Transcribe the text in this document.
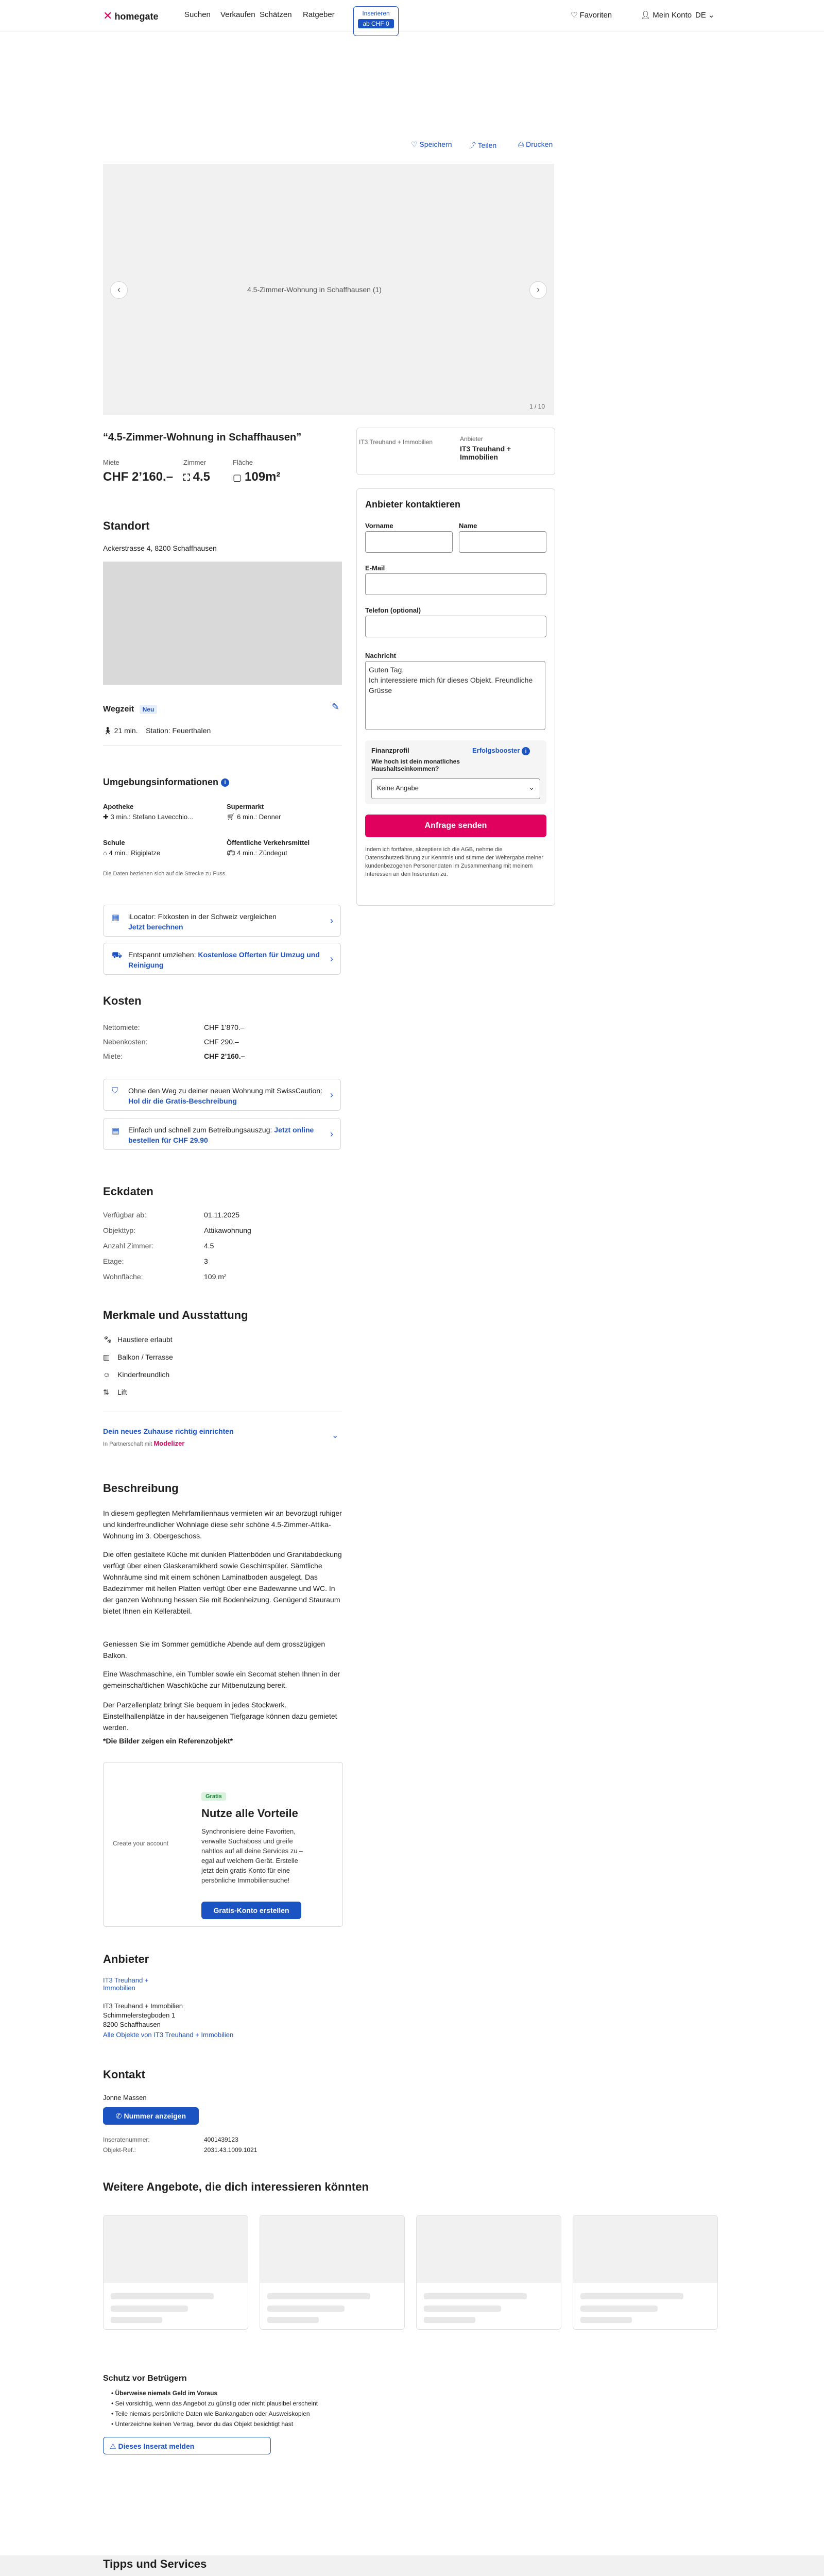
✕ homegate	Suchen Verkaufen Schätzen Ratgeber	Inserieren
ab CHF 0
♡ Favoriten	👤︎ Mein Konto DE ⌄
♡ Speichern ⤴ Teilen	⎙ Drucken
4.5-Zimmer-Wohnung in Schaffhausen (1)
‹	›
1 / 10
“4.5-Zimmer-Wohnung in Schaffhausen”
Miete
CHF 2’160.–
Zimmer
⛶ 4.5
Fläche
▢ 109m²
IT3 Treuhand + Immobilien	Anbieter
IT3 Treuhand + Immobilien
Anbieter kontaktieren
Vorname	Name
E-Mail
Telefon (optional)
Nachricht
Guten Tag,
Ich interessiere mich für dieses Objekt. Freundliche Grüsse
Finanzprofil	Erfolgsbooster i
Wie hoch ist dein monatliches Haushaltseinkommen?
Keine Angabe	⌄
Anfrage senden
Indem ich fortfahre, akzeptiere ich die AGB, nehme die Datenschutzerklärung zur Kenntnis und stimme der Weitergabe meiner kundenbezogenen Personendaten im Zusammenhang mit meinem Interessen an den Inserenten zu.
Standort
Ackerstrasse 4, 8200 Schaffhausen
Wegzeit Neu	✎
🚶︎ 21 min. Station: Feuerthalen
Umgebungsinformationen i
Apotheke
✚ 3 min.: Stefano Lavecchio...
Supermarkt
🛒︎ 6 min.: Denner
Schule
⌂ 4 min.: Rigiplatze
Öffentliche Verkehrsmittel
🚌︎ 4 min.: Zündegut
Die Daten beziehen sich auf die Strecke zu Fuss.
▦ iLocator: Fixkosten in der Schweiz vergleichen
Jetzt berechnen
›
⛟ Entspannt umziehen: Kostenlose Offerten für Umzug und Reinigung
›
Kosten
Nettomiete:	CHF 1’870.–
Nebenkosten:	CHF 290.–
Miete:	CHF 2’160.–
⛉ Ohne den Weg zu deiner neuen Wohnung mit SwissCaution: Hol dir die Gratis-Beschreibung
›
▤ Einfach und schnell zum Betreibungsauszug: Jetzt online bestellen für CHF 29.90
›
Eckdaten
Verfügbar ab:	01.11.2025
Objekttyp:	Attikawohnung
Anzahl Zimmer:	4.5
Etage:	3
Wohnfläche:	109 m²
Merkmale und Ausstattung
🐾︎ Haustiere erlaubt
▥ Balkon / Terrasse
☺ Kinderfreundlich
⇅ Lift
Dein neues Zuhause richtig einrichten
In Partnerschaft mit Modelizer
⌄
Beschreibung
In diesem gepflegten Mehrfamilienhaus vermieten wir an bevorzugt ruhiger und kinderfreundlicher Wohnlage diese sehr schöne 4.5-Zimmer-Attika-Wohnung im 3. Obergeschoss.
Die offen gestaltete Küche mit dunklen Plattenböden und Granitabdeckung verfügt über einen Glaskeramikherd sowie Geschirrspüler. Sämtliche Wohnräume sind mit einem schönen Laminatboden ausgelegt. Das Badezimmer mit hellen Platten verfügt über eine Badewanne und WC. In der ganzen Wohnung hessen Sie mit Bodenheizung. Genügend Stauraum bietet Ihnen ein Kellerabteil.
Geniessen Sie im Sommer gemütliche Abende auf dem grosszügigen Balkon.
Eine Waschmaschine, ein Tumbler sowie ein Secomat stehen Ihnen in der gemeinschaftlichen Waschküche zur Mitbenutzung bereit.
Der Parzellenplatz bringt Sie bequem in jedes Stockwerk. Einstellhallenplätze in der hauseigenen Tiefgarage können dazu gemietet werden.
*Die Bilder zeigen ein Referenzobjekt*
Create your account
Gratis
Nutze alle Vorteile
Synchronisiere deine Favoriten, verwalte Suchaboss und greife nahtlos auf all deine Services zu – egal auf welchem Gerät. Erstelle jetzt dein gratis Konto für eine persönliche Immobiliensuche!
Gratis-Konto erstellen
Anbieter
IT3 Treuhand + Immobilien
IT3 Treuhand + Immobilien
Schimmelerstegboden 1
8200 Schaffhausen
Alle Objekte von IT3 Treuhand + Immobilien
Kontakt
Jonne Massen
✆ Nummer anzeigen
Inseratenummer:	4001439123
Objekt-Ref.:	2031.43.1009.1021
Weitere Angebote, die dich interessieren könnten
Schutz vor Betrügern
• Überweise niemals Geld im Voraus
• Sei vorsichtig, wenn das Angebot zu günstig oder nicht plausibel erscheint
• Teile niemals persönliche Daten wie Bankangaben oder Ausweiskopien
• Unterzeichne keinen Vertrag, bevor du das Objekt besichtigt hast
⚠ Dieses Inserat melden
Tipps und Services
